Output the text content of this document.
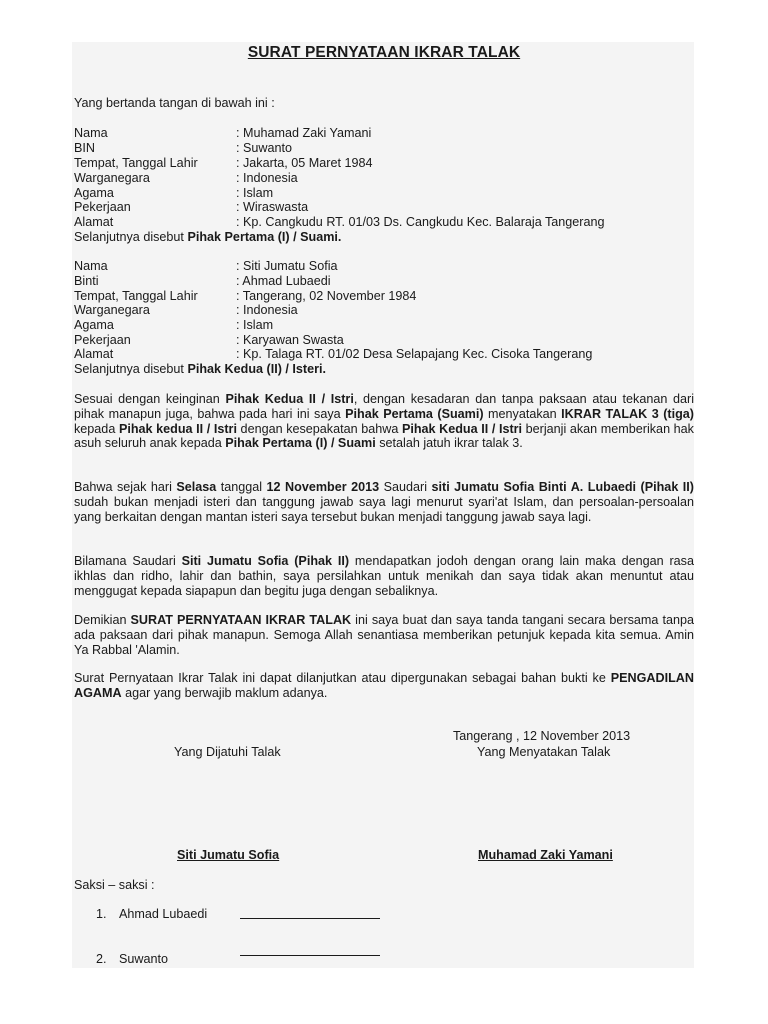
SURAT PERNYATAAN IKRAR TALAK
Yang bertanda tangan di bawah ini :
Nama	: Muhamad Zaki Yamani
BIN	: Suwanto
Tempat, Tanggal Lahir	: Jakarta, 05 Maret 1984
Warganegara	: Indonesia
Agama	: Islam
Pekerjaan	: Wiraswasta
Alamat	: Kp. Cangkudu RT. 01/03 Ds. Cangkudu Kec. Balaraja Tangerang
Selanjutnya disebut Pihak Pertama (I) / Suami.
Nama	: Siti Jumatu Sofia
Binti	: Ahmad Lubaedi
Tempat, Tanggal Lahir	: Tangerang, 02 November 1984
Warganegara	: Indonesia
Agama	: Islam
Pekerjaan	: Karyawan Swasta
Alamat	: Kp. Talaga RT. 01/02 Desa Selapajang Kec. Cisoka Tangerang
Selanjutnya disebut Pihak Kedua (II) / Isteri.
Sesuai dengan keinginan Pihak Kedua II / Istri, dengan kesadaran dan tanpa paksaan atau tekanan dari pihak manapun juga, bahwa pada hari ini saya Pihak Pertama (Suami) menyatakan IKRAR TALAK 3 (tiga) kepada Pihak kedua II / Istri dengan kesepakatan bahwa Pihak Kedua II / Istri berjanji akan memberikan hak asuh seluruh anak kepada Pihak Pertama (I) / Suami setalah jatuh ikrar talak 3.
Bahwa sejak hari Selasa tanggal 12 November 2013 Saudari siti Jumatu Sofia Binti A. Lubaedi (Pihak II) sudah bukan menjadi isteri dan tanggung jawab saya lagi menurut syari'at Islam, dan persoalan-persoalan yang berkaitan dengan mantan isteri saya tersebut bukan menjadi tanggung jawab saya lagi.
Bilamana Saudari Siti Jumatu Sofia (Pihak II) mendapatkan jodoh dengan orang lain maka dengan rasa ikhlas dan ridho, lahir dan bathin, saya persilahkan untuk menikah dan saya tidak akan menuntut atau menggugat kepada siapapun dan begitu juga dengan sebaliknya.
Demikian SURAT PERNYATAAN IKRAR TALAK ini saya buat dan saya tanda tangani secara bersama tanpa ada paksaan dari pihak manapun. Semoga Allah senantiasa memberikan petunjuk kepada kita semua. Amin Ya Rabbal 'Alamin.
Surat Pernyataan Ikrar Talak ini dapat dilanjutkan atau dipergunakan sebagai bahan bukti ke PENGADILAN AGAMA agar yang berwajib maklum adanya.
Tangerang , 12 November 2013
Yang Dijatuhi Talak	Yang Menyatakan Talak
Siti Jumatu Sofia	Muhamad Zaki Yamani
Saksi – saksi :
1. Ahmad Lubaedi
2. Suwanto
